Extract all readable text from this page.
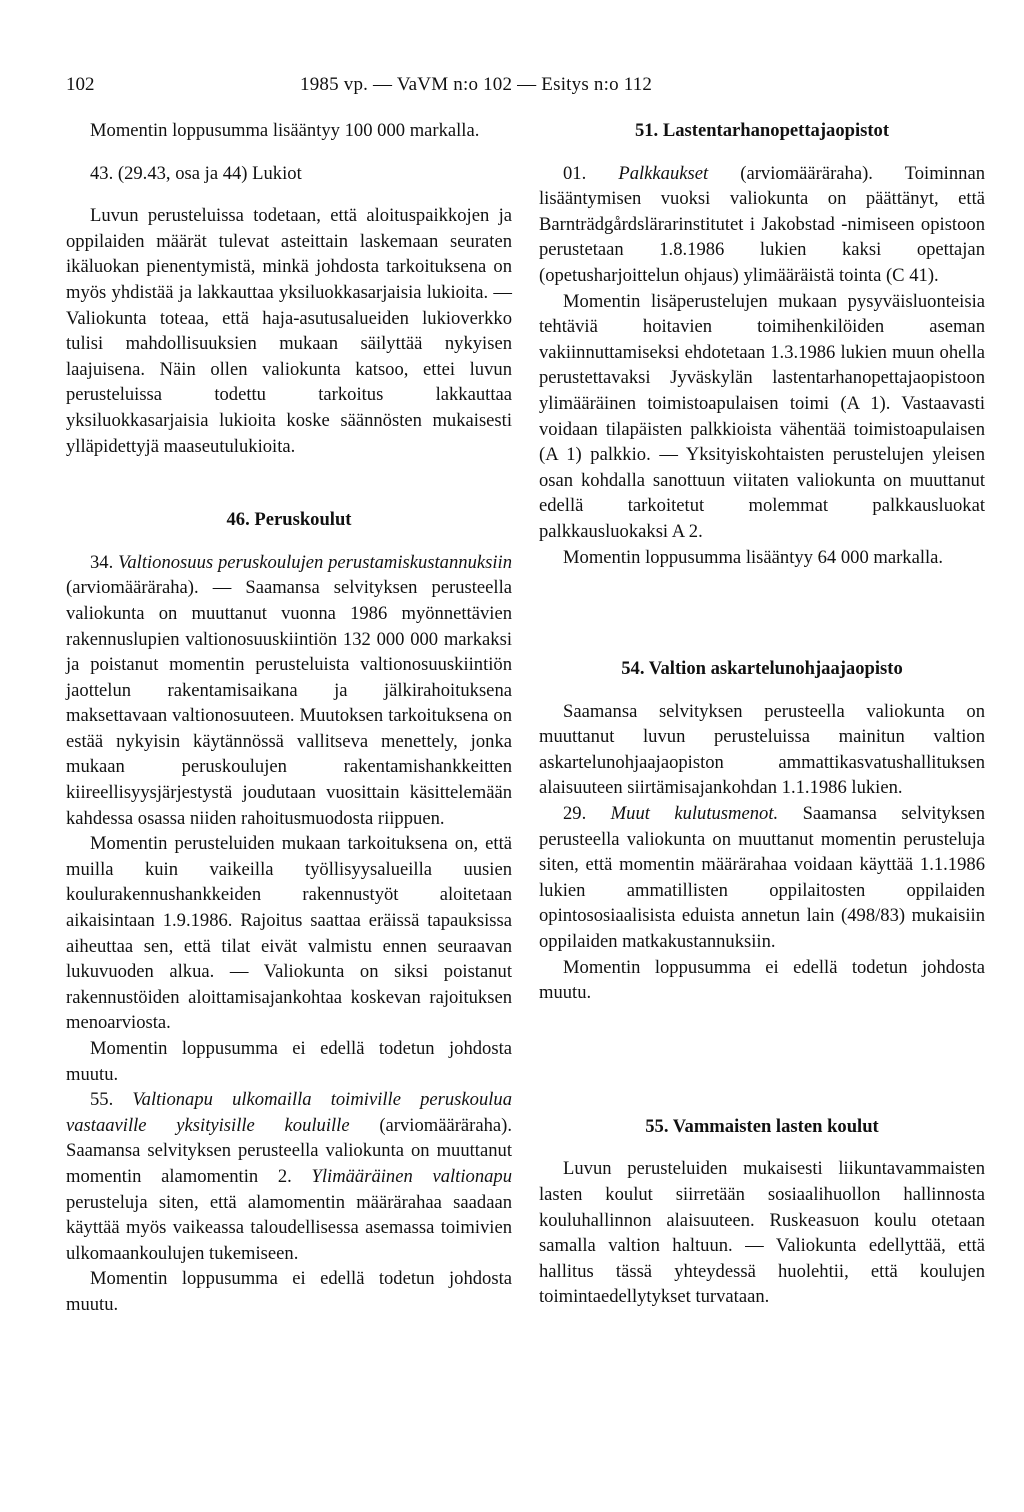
102	1985 vp. — VaVM n:o 102 — Esitys n:o 112

Momentin loppusumma lisääntyy 100 000 markalla.

43. (29.43, osa ja 44) Lukiot

Luvun perusteluissa todetaan, että aloituspaikkojen ja oppilaiden määrät tulevat asteittain laskemaan seuraten ikäluokan pienentymistä, minkä johdosta tarkoituksena on myös yhdistää ja lakkauttaa yksiluokkasarjaisia lukioita. — Valiokunta toteaa, että haja-asutusalueiden lukioverkko tulisi mahdollisuuksien mukaan säilyttää nykyisen laajuisena. Näin ollen valiokunta katsoo, ettei luvun perusteluissa todettu tarkoitus lakkauttaa yksiluokkasarjaisia lukioita koske säännösten mukaisesti ylläpidettyjä maaseutulukioita.

46. Peruskoulut

34. Valtionosuus peruskoulujen perustamiskustannuksiin (arviomääräraha). — Saamansa selvityksen perusteella valiokunta on muuttanut vuonna 1986 myönnettävien rakennuslupien valtionosuuskiintiön 132 000 000 markaksi ja poistanut momentin perusteluista valtionosuuskiintiön jaottelun rakentamisaikana ja jälkirahoituksena maksettavaan valtionosuuteen. Muutoksen tarkoituksena on estää nykyisin käytännössä vallitseva menettely, jonka mukaan peruskoulujen rakentamishankkeitten kiireellisyysjärjestystä joudutaan vuosittain käsittelemään kahdessa osassa niiden rahoitusmuodosta riippuen.

Momentin perusteluiden mukaan tarkoituksena on, että muilla kuin vaikeilla työllisyysalueilla uusien koulurakennushankkeiden rakennustyöt aloitetaan aikaisintaan 1.9.1986. Rajoitus saattaa eräissä tapauksissa aiheuttaa sen, että tilat eivät valmistu ennen seuraavan lukuvuoden alkua. — Valiokunta on siksi poistanut rakennustöiden aloittamisajankohtaa koskevan rajoituksen menoarviosta.

Momentin loppusumma ei edellä todetun johdosta muutu.

55. Valtionapu ulkomailla toimiville peruskoulua vastaaville yksityisille kouluille (arviomääräraha). Saamansa selvityksen perusteella valiokunta on muuttanut momentin alamomentin 2. Ylimääräinen valtionapu perusteluja siten, että alamomentin määrärahaa saadaan käyttää myös vaikeassa taloudellisessa asemassa toimivien ulkomaankoulujen tukemiseen.

Momentin loppusumma ei edellä todetun johdosta muutu.

51. Lastentarhanopettajaopistot

01. Palkkaukset (arviomääräraha). Toiminnan lisääntymisen vuoksi valiokunta on päättänyt, että Barnträdgårdslärarinstitutet i Jakobstad -nimiseen opistoon perustetaan 1.8.1986 lukien kaksi opettajan (opetusharjoittelun ohjaus) ylimääräistä tointa (C 41).

Momentin lisäperustelujen mukaan pysyväisluonteisia tehtäviä hoitavien toimihenkilöiden aseman vakiinnuttamiseksi ehdotetaan 1.3.1986 lukien muun ohella perustettavaksi Jyväskylän lastentarhanopettajaopistoon ylimääräinen toimistoapulaisen toimi (A 1). Vastaavasti voidaan tilapäisten palkkioista vähentää toimistoapulaisen (A 1) palkkio. — Yksityiskohtaisten perustelujen yleisen osan kohdalla sanottuun viitaten valiokunta on muuttanut edellä tarkoitetut molemmat palkkausluokat palkkausluokaksi A 2.

Momentin loppusumma lisääntyy 64 000 markalla.

54. Valtion askartelunohjaajaopisto

Saamansa selvityksen perusteella valiokunta on muuttanut luvun perusteluissa mainitun valtion askartelunohjaajaopiston ammattikasvatushallituksen alaisuuteen siirtämisajankohdan 1.1.1986 lukien.

29. Muut kulutusmenot. Saamansa selvityksen perusteella valiokunta on muuttanut momentin perusteluja siten, että momentin määrärahaa voidaan käyttää 1.1.1986 lukien ammatillisten oppilaitosten oppilaiden opintososiaalisista eduista annetun lain (498/83) mukaisiin oppilaiden matkakustannuksiin.

Momentin loppusumma ei edellä todetun johdosta muutu.

55. Vammaisten lasten koulut

Luvun perusteluiden mukaisesti liikuntavammaisten lasten koulut siirretään sosiaalihuollon hallinnosta kouluhallinnon alaisuuteen. Ruskeasuon koulu otetaan samalla valtion haltuun. — Valiokunta edellyttää, että hallitus tässä yhteydessä huolehtii, että koulujen toimintaedellytykset turvataan.
